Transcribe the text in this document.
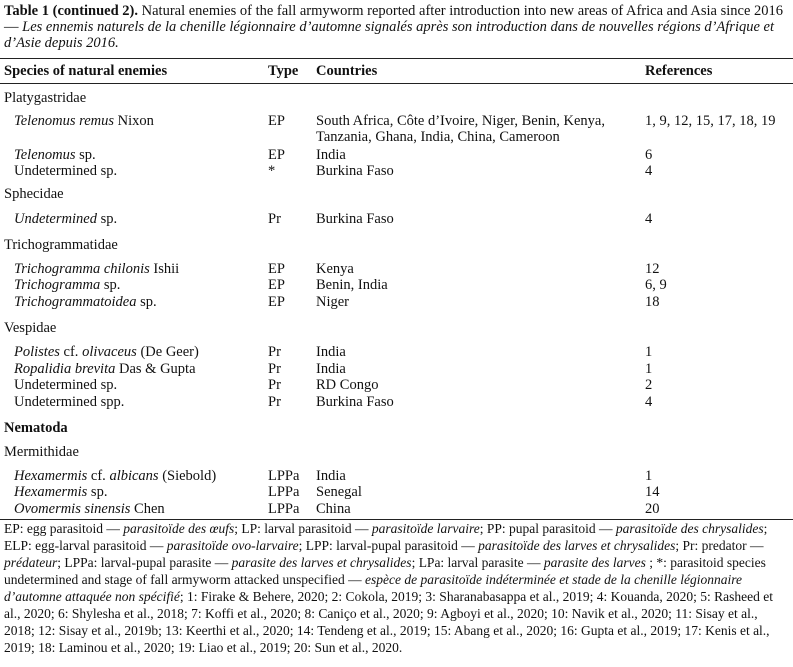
Table 1 (continued 2). Natural enemies of the fall armyworm reported after introduction into new areas of Africa and Asia since 2016 — Les ennemis naturels de la chenille légionnaire d’automne signalés après son introduction dans de nouvelles régions d’Afrique et d’Asie depuis 2016.
Species of natural enemies	Type Countries	References
Platygastridae
Telenomus remus Nixon	EP South Africa, Côte d’Ivoire, Niger, Benin, Kenya,	1, 9, 12, 15, 17, 18, 19
Tanzania, Ghana, India, China, Cameroon
Telenomus sp.	EP India	6
Undetermined sp.	*	Burkina Faso	4
Sphecidae
Undetermined sp.	Pr Burkina Faso	4
Trichogrammatidae
Trichogramma chilonis Ishii	EP Kenya	12
Trichogramma sp.	EP Benin, India	6, 9
Trichogrammatoidea sp.	EP Niger	18
Vespidae
Polistes cf. olivaceus (De Geer)	Pr India	1
Ropalidia brevita Das & Gupta	Pr India	1
Undetermined sp.	Pr RD Congo	2
Undetermined spp.	Pr Burkina Faso	4
Nematoda
Mermithidae
Hexamermis cf. albicans (Siebold)	LPPa India	1
Hexamermis sp.	LPPa Senegal	14
Ovomermis sinensis Chen	LPPa China	20
EP: egg parasitoid — parasitoïde des œufs; LP: larval parasitoid — parasitoïde larvaire; PP: pupal parasitoid — parasitoïde des chrysalides; ELP: egg-larval parasitoid — parasitoïde ovo-larvaire; LPP: larval-pupal parasitoid — parasitoïde des larves et chrysalides; Pr: predator — prédateur; LPPa: larval-pupal parasite — parasite des larves et chrysalides; LPa: larval parasite — parasite des larves ; *: parasitoid species undetermined and stage of fall armyworm attacked unspecified — espèce de parasitoïde indéterminée et stade de la chenille légionnaire d’automne attaquée non spécifié; 1: Firake & Behere, 2020; 2: Cokola, 2019; 3: Sharanabasappa et al., 2019; 4: Kouanda, 2020; 5: Rasheed et al., 2020; 6: Shylesha et al., 2018; 7: Koffi et al., 2020; 8: Caniço et al., 2020; 9: Agboyi et al., 2020; 10: Navik et al., 2020; 11: Sisay et al., 2018; 12: Sisay et al., 2019b; 13: Keerthi et al., 2020; 14: Tendeng et al., 2019; 15: Abang et al., 2020; 16: Gupta et al., 2019; 17: Kenis et al., 2019; 18: Laminou et al., 2020; 19: Liao et al., 2019; 20: Sun et al., 2020.
